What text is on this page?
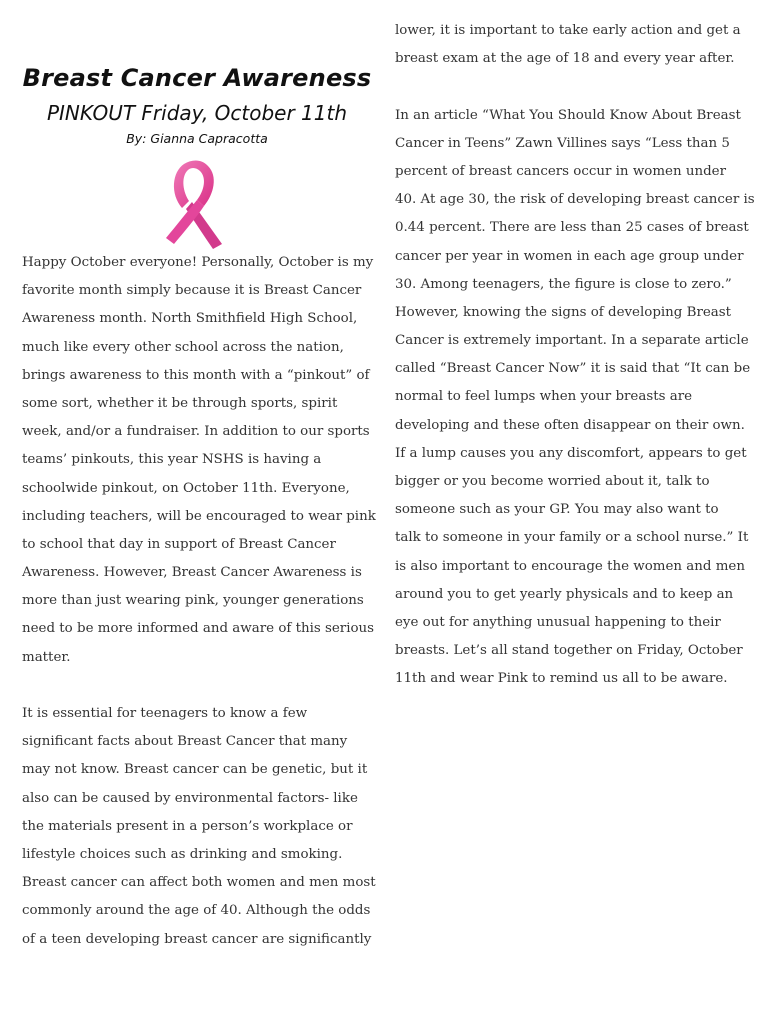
Breast Cancer Awareness

PINKOUT Friday, October 11th

By: Gianna Capracotta

Happy October everyone! Personally, October is my
favorite month simply because it is Breast Cancer
Awareness month. North Smithfield High School,
much like every other school across the nation,
brings awareness to this month with a “pinkout” of
some sort, whether it be through sports, spirit
week, and/or a fundraiser. In addition to our sports
teams’ pinkouts, this year NSHS is having a
schoolwide pinkout, on October 11th. Everyone,
including teachers, will be encouraged to wear pink
to school that day in support of Breast Cancer
Awareness. However, Breast Cancer Awareness is
more than just wearing pink, younger generations
need to be more informed and aware of this serious
matter.
It is essential for teenagers to know a few
significant facts about Breast Cancer that many
may not know. Breast cancer can be genetic, but it
also can be caused by environmental factors- like
the materials present in a person’s workplace or
lifestyle choices such as drinking and smoking.
Breast cancer can affect both women and men most
commonly around the age of 40. Although the odds
of a teen developing breast cancer are significantly
lower, it is important to take early action and get a
breast exam at the age of 18 and every year after.
In an article “What You Should Know About Breast
Cancer in Teens” Zawn Villines says “Less than 5
percent of breast cancers occur in women under
40. At age 30, the risk of developing breast cancer is
0.44 percent. There are less than 25 cases of breast
cancer per year in women in each age group under
30. Among teenagers, the figure is close to zero.”
However, knowing the signs of developing Breast
Cancer is extremely important. In a separate article
called “Breast Cancer Now” it is said that “It can be
normal to feel lumps when your breasts are
developing and these often disappear on their own.
If a lump causes you any discomfort, appears to get
bigger or you become worried about it, talk to
someone such as your GP. You may also want to
talk to someone in your family or a school nurse.” It
is also important to encourage the women and men
around you to get yearly physicals and to keep an
eye out for anything unusual happening to their
breasts. Let’s all stand together on Friday, October
11th and wear Pink to remind us all to be aware.
